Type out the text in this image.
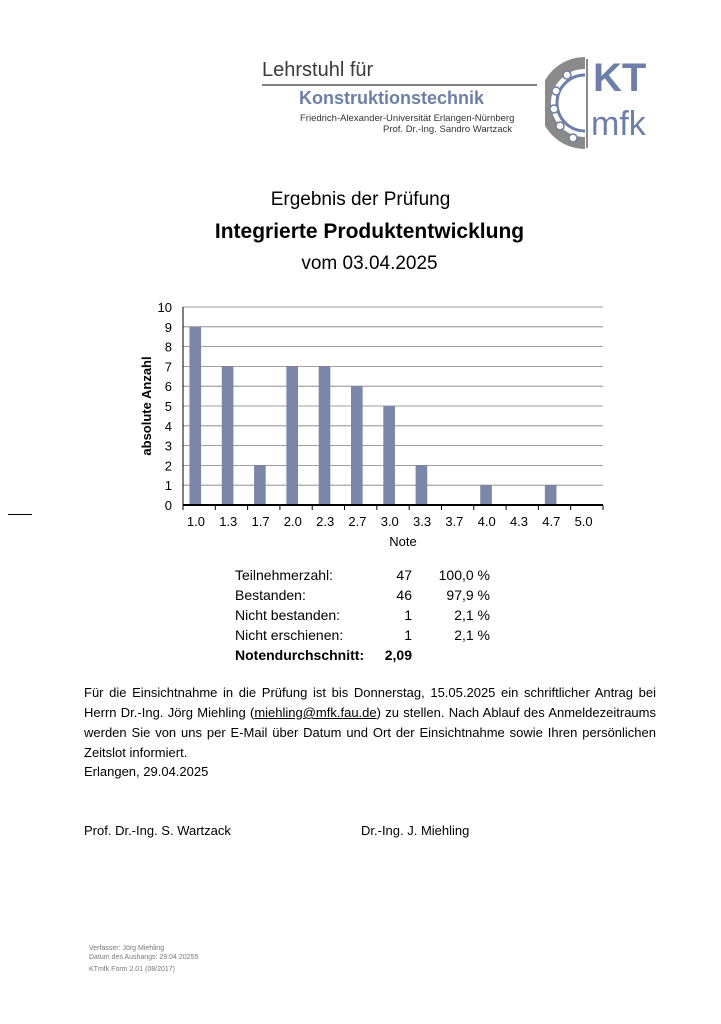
Lehrstuhl für
Konstruktionstechnik
Friedrich-Alexander-Universität Erlangen-Nürnberg
Prof. Dr.-Ing. Sandro Wartzack
KT
mfk
Ergebnis der Prüfung
Integrierte Produktentwicklung
vom 03.04.2025
0
1
2
3
4
5
6
7
8
9
10
1.0 1.3 1.7 2.0 2.3 2.7 3.0 3.3 3.7 4.0 4.3 4.7 5.0
Note
absolute Anzahl
Teilnehmerzahl:	47	100,0 %
Bestanden:	46	97,9 %
Nicht bestanden:	1	2,1 %
Nicht erschienen:	1	2,1 %
Notendurchschnitt:	2,09
Für die Einsichtnahme in die Prüfung ist bis Donnerstag, 15.05.2025 ein schriftlicher Antrag bei Herrn Dr.-Ing. Jörg Miehling (miehling@mfk.fau.de) zu stellen. Nach Ablauf des Anmeldezeitraums werden Sie von uns per E-Mail über Datum und Ort der Einsichtnahme sowie Ihren persönlichen Zeitslot informiert.
Erlangen, 29.04.2025
Prof. Dr.-Ing. S. Wartzack	Dr.-Ing. J. Miehling
Verfasser: Jörg Miehling
Datum des Aushangs: 29.04.20255
KTmfk Form 2.01 (08/2017)
